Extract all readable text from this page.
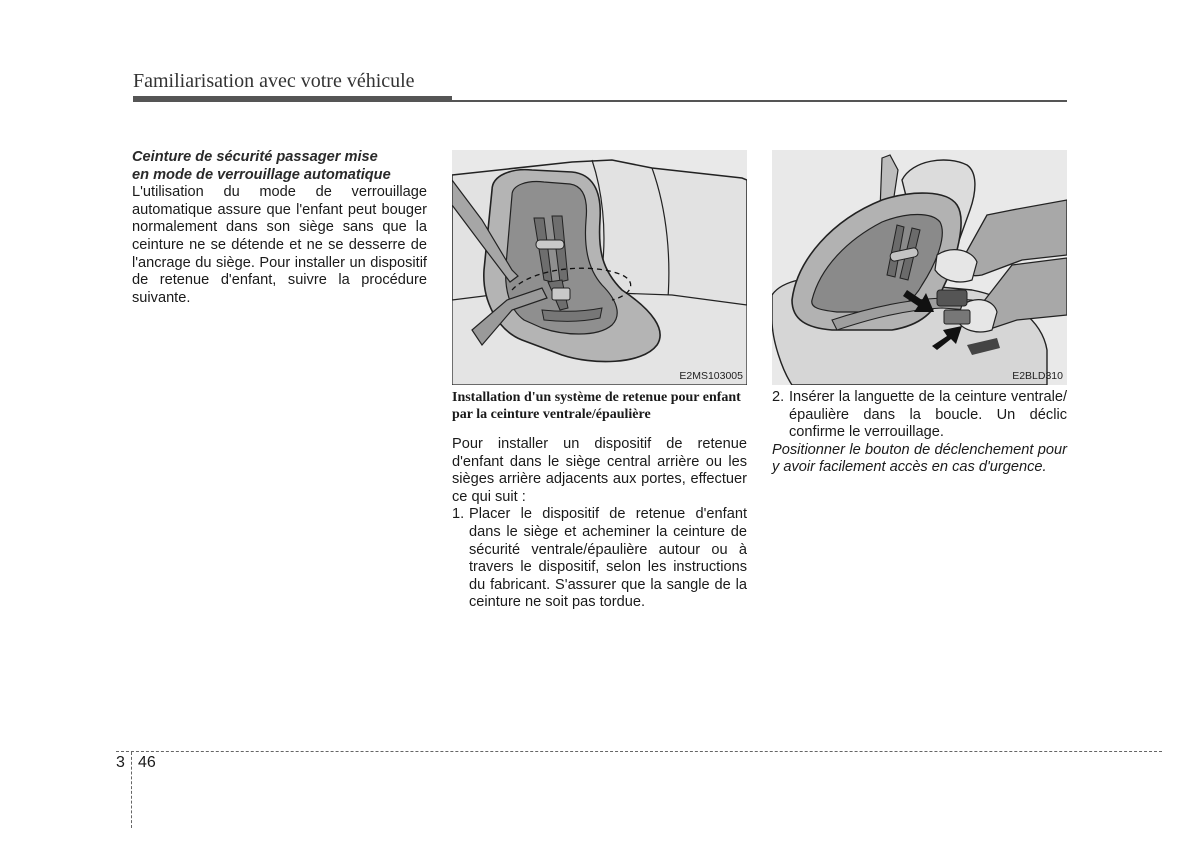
Familiarisation avec votre véhicule
Ceinture de sécurité passager mise
en mode de verrouillage automatique
L'utilisation du mode de verrouillage automatique assure que l'enfant peut bouger normalement dans son siège sans que la ceinture ne se détende et ne se desserre de l'ancrage du siège. Pour installer un dispositif de retenue d'enfant, suivre la procédure suivante.
E2MS103005	E2BLD310
Installation d'un système de retenue pour enfant par la ceinture ventrale/épaulière
Pour installer un dispositif de retenue d'enfant dans le siège central arrière ou les sièges arrière adjacents aux portes, effectuer ce qui suit :
1. Placer le dispositif de retenue d'enfant dans le siège et acheminer la ceinture de sécurité ventrale/épaulière autour ou à travers le dispositif, selon les instructions du fabricant. S'assurer que la sangle de la ceinture ne soit pas tordue.
2. Insérer la languette de la ceinture ventrale/épaulière dans la boucle. Un déclic confirme le verrouillage.
Positionner le bouton de déclenchement pour y avoir facilement accès en cas d'urgence.
3 46
